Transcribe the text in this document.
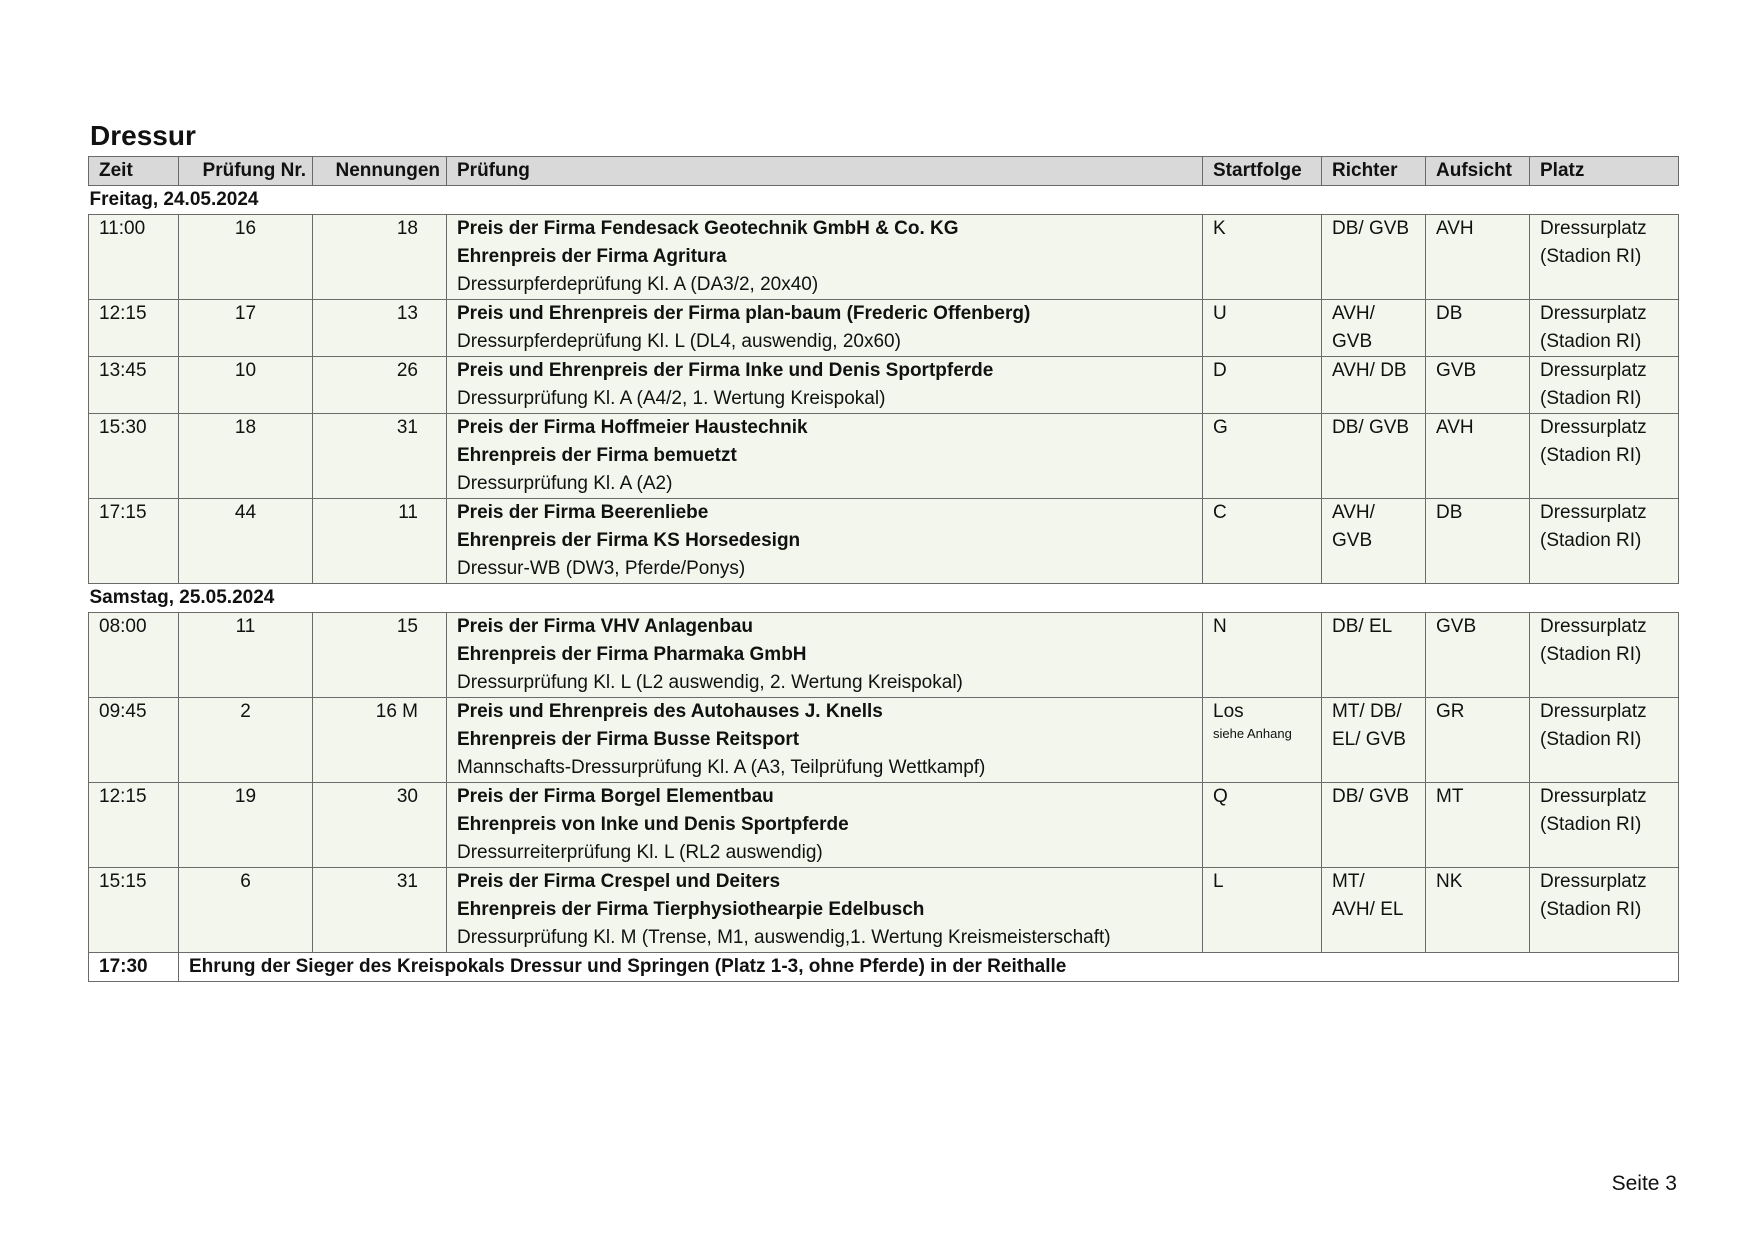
Dressur
Zeit	Prüfung Nr.	Nennungen	Prüfung	Startfolge	Richter	Aufsicht	Platz
Freitag, 24.05.2024							
11:00	16	18	Preis der Firma Fendesack Geotechnik GmbH & Co. KG
Ehrenpreis der Firma Agritura
Dressurpferdeprüfung Kl. A (DA3/2, 20x40)	K	DB/ GVB	AVH	Dressurplatz
(Stadion RI)

12:15	17	13	Preis und Ehrenpreis der Firma plan-baum (Frederic Offenberg)
Dressurpferdeprüfung Kl. L (DL4, auswendig, 20x60)	U	AVH/
GVB	DB	Dressurplatz
(Stadion RI)

13:45	10	26	Preis und Ehrenpreis der Firma Inke und Denis Sportpferde
Dressurprüfung Kl. A (A4/2, 1. Wertung Kreispokal)	D	AVH/ DB	GVB	Dressurplatz
(Stadion RI)

15:30	18	31	Preis der Firma Hoffmeier Haustechnik
Ehrenpreis der Firma bemuetzt
Dressurprüfung Kl. A (A2)	G	DB/ GVB	AVH	Dressurplatz
(Stadion RI)

17:15	44	11	Preis der Firma Beerenliebe
Ehrenpreis der Firma KS Horsedesign
Dressur-WB (DW3, Pferde/Ponys)	C	AVH/
GVB	DB	Dressurplatz
(Stadion RI)

Samstag, 25.05.2024							
08:00	11	15	Preis der Firma VHV Anlagenbau
Ehrenpreis der Firma Pharmaka GmbH
Dressurprüfung Kl. L (L2 auswendig, 2. Wertung Kreispokal)	N	DB/ EL	GVB	Dressurplatz
(Stadion RI)

09:45	2	16 M	Preis und Ehrenpreis des Autohauses J. Knells
Ehrenpreis der Firma Busse Reitsport
Mannschafts-Dressurprüfung Kl. A (A3, Teilprüfung Wettkampf)	Los
siehe Anhang	MT/ DB/
EL/ GVB	GR	Dressurplatz
(Stadion RI)

12:15	19	30	Preis der Firma Borgel Elementbau
Ehrenpreis von Inke und Denis Sportpferde
Dressurreiterprüfung Kl. L (RL2 auswendig)	Q	DB/ GVB	MT	Dressurplatz
(Stadion RI)

15:15	6	31	Preis der Firma Crespel und Deiters
Ehrenpreis der Firma Tierphysiothearpie Edelbusch
Dressurprüfung Kl. M (Trense, M1, auswendig,1. Wertung Kreismeisterschaft)	L	MT/
AVH/ EL	NK	Dressurplatz
(Stadion RI)

17:30	Ehrung der Sieger des Kreispokals Dressur und Springen (Platz 1-3, ohne Pferde) in der Reithalle						
Seite 3
